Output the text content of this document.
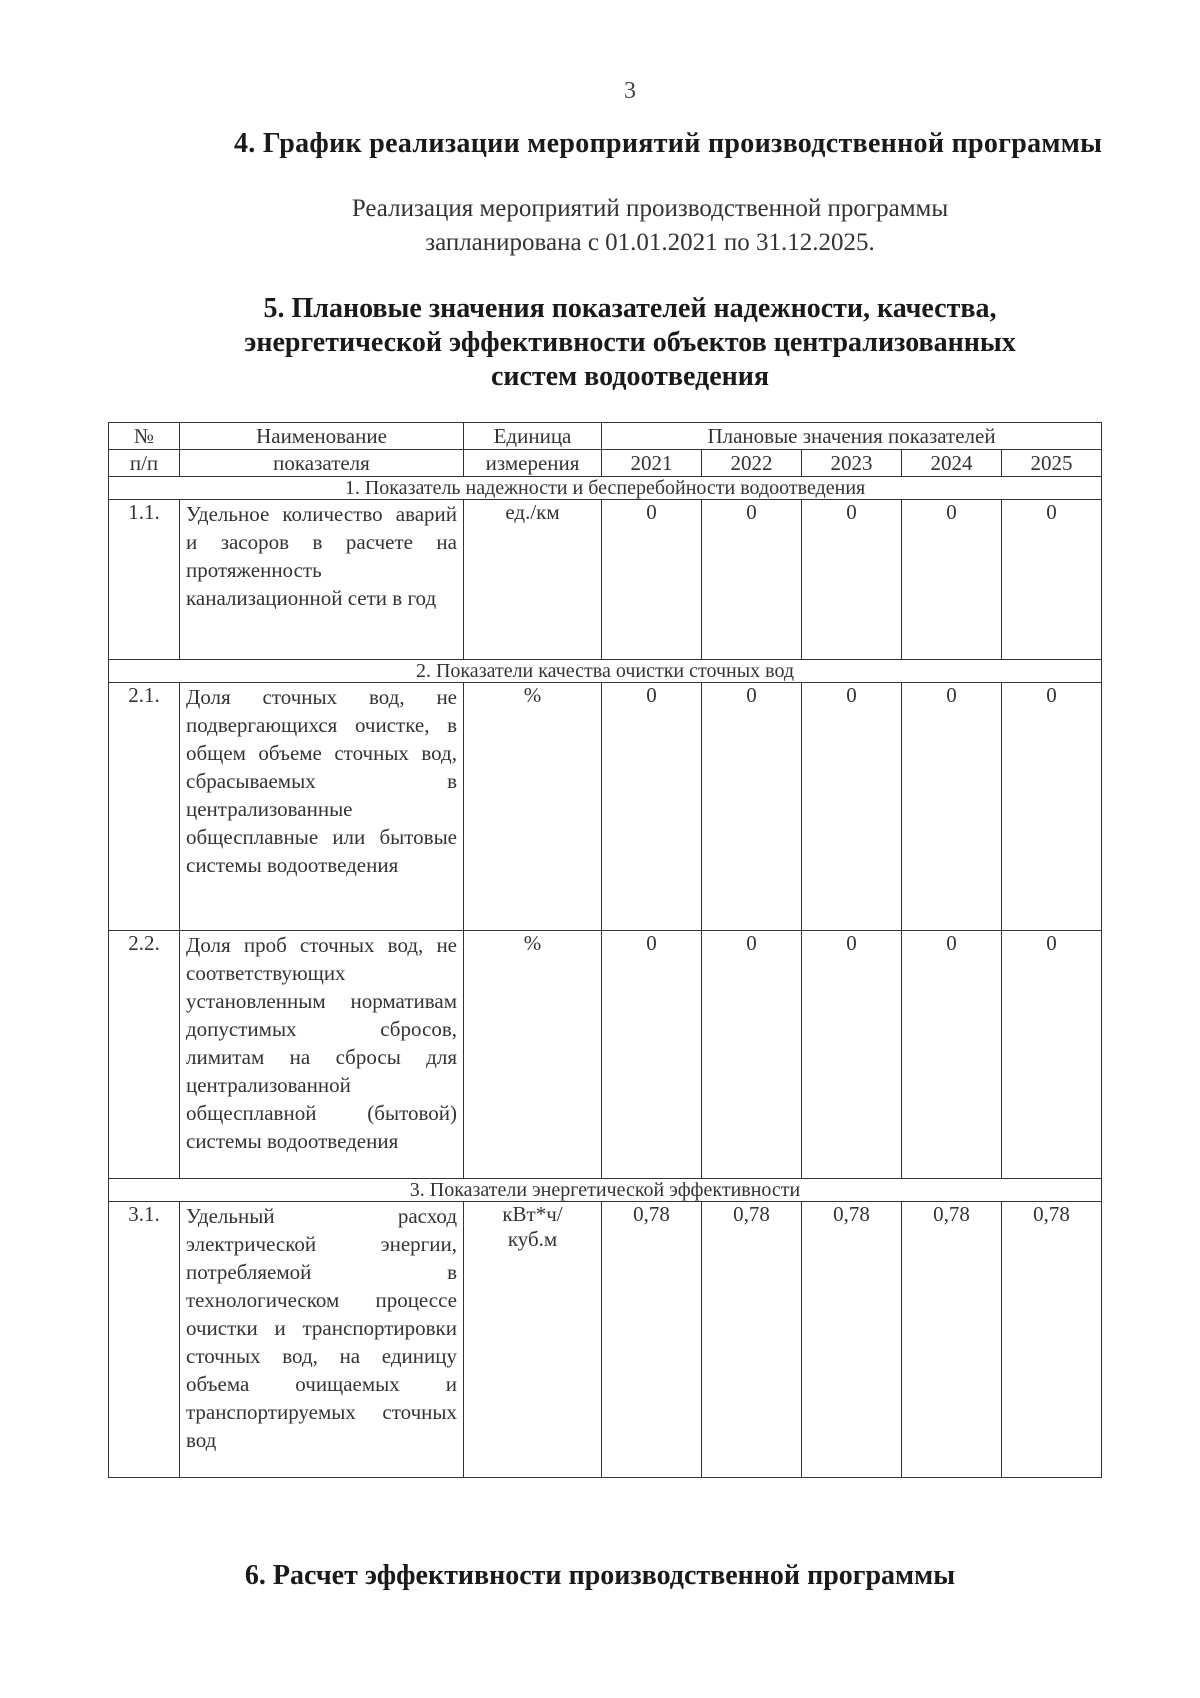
3
4. График реализации мероприятий производственной программы
Реализация мероприятий производственной программы
запланирована с 01.01.2021 по 31.12.2025.
5. Плановые значения показателей надежности, качества,
энергетической эффективности объектов централизованных
систем водоотведения
№	Наименование	Единица	Плановые значения показателей				
п/п	показателя	измерения	2021	2022	2023	2024	2025
1. Показатель надежности и бесперебойности водоотведения							
1.1.	Удельное количество аварий и засоров в расчете на протяженность канализационной сети в год	ед./км	0	0	0	0	0
2. Показатели качества очистки сточных вод							
2.1.	Доля сточных вод, не подвергающихся очистке, в общем объеме сточных вод, сбрасываемых в централизованные общесплавные или бытовые системы водоотведения	%	0	0	0	0	0
2.2.	Доля проб сточных вод, не соответствующих установленным нормативам допустимых сбросов, лимитам на сбросы для централизованной общесплавной (бытовой) системы водоотведения	%	0	0	0	0	0
3. Показатели энергетической эффективности							
3.1.	Удельный расход электрической энергии, потребляемой в технологическом процессе очистки и транспортировки сточных вод, на единицу объема очищаемых и транспортируемых сточных вод	кВт*ч/
куб.м	0,78	0,78	0,78	0,78	0,78
6. Расчет эффективности производственной программы
